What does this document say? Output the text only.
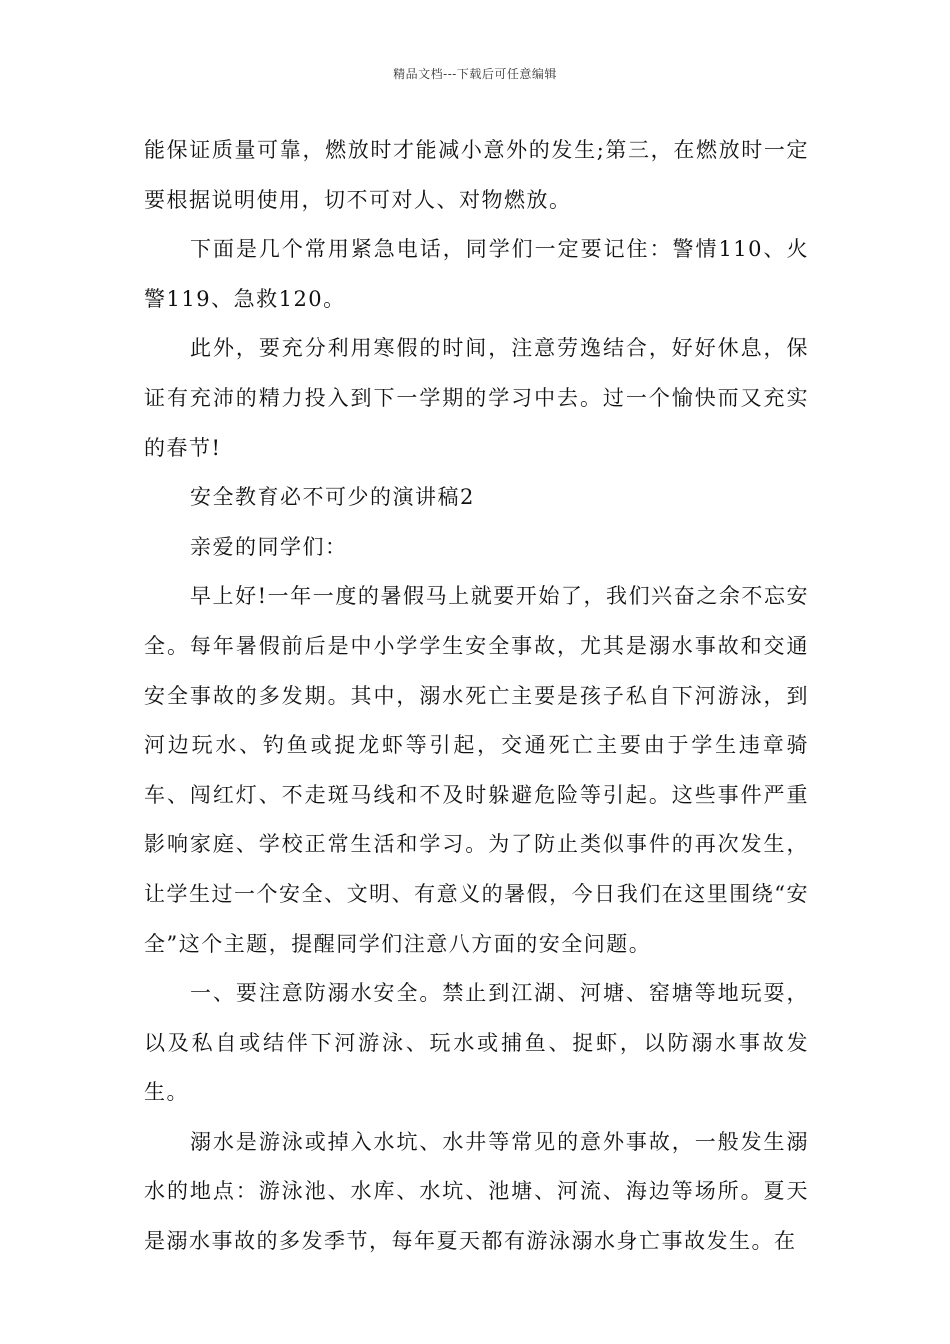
精品文档---下载后可任意编辑

能保证质量可靠，燃放时才能减小意外的发生;第三，在燃放时一定要根据说明使用，切不可对人、对物燃放。

下面是几个常用紧急电话，同学们一定要记住：警情110、火警119、急救120。

此外，要充分利用寒假的时间，注意劳逸结合，好好休息，保证有充沛的精力投入到下一学期的学习中去。过一个愉快而又充实的春节!

安全教育必不可少的演讲稿2

亲爱的同学们：

早上好!一年一度的暑假马上就要开始了，我们兴奋之余不忘安全。每年暑假前后是中小学学生安全事故，尤其是溺水事故和交通安全事故的多发期。其中，溺水死亡主要是孩子私自下河游泳，到河边玩水、钓鱼或捉龙虾等引起，交通死亡主要由于学生违章骑车、闯红灯、不走斑马线和不及时躲避危险等引起。这些事件严重影响家庭、学校正常生活和学习。为了防止类似事件的再次发生，让学生过一个安全、文明、有意义的暑假，今日我们在这里围绕“安全”这个主题，提醒同学们注意八方面的安全问题。

一、要注意防溺水安全。禁止到江湖、河塘、窑塘等地玩耍，以及私自或结伴下河游泳、玩水或捕鱼、捉虾，以防溺水事故发生。

溺水是游泳或掉入水坑、水井等常见的意外事故，一般发生溺水的地点：游泳池、水库、水坑、池塘、河流、海边等场所。夏天是溺水事故的多发季节，每年夏天都有游泳溺水身亡事故发生。在
